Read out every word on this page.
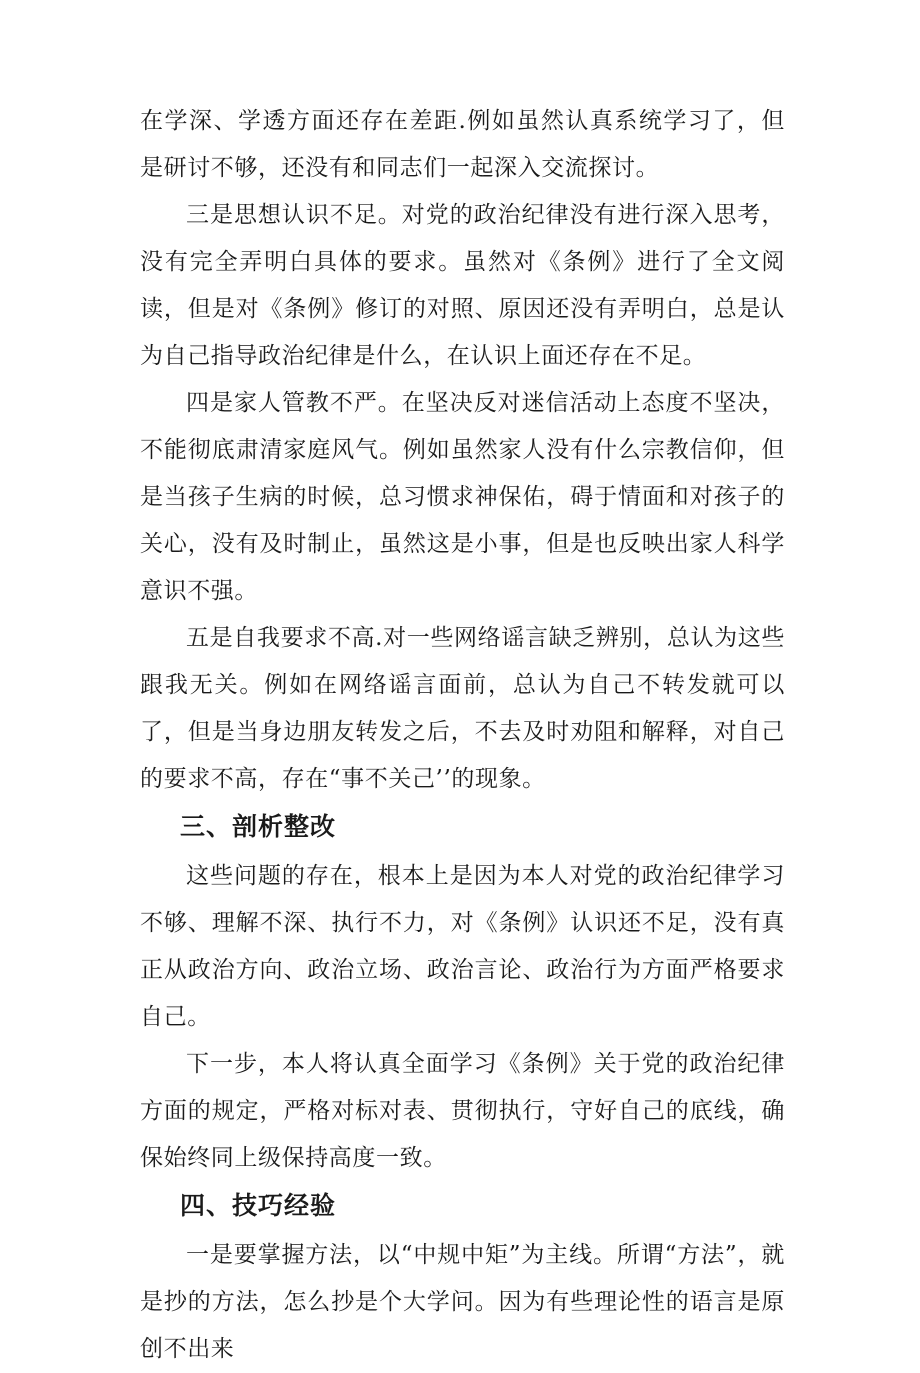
在学深、学透方面还存在差距.例如虽然认真系统学习了，但是研讨不够，还没有和同志们一起深入交流探讨。

三是思想认识不足。对党的政治纪律没有进行深入思考，没有完全弄明白具体的要求。虽然对《条例》进行了全文阅读，但是对《条例》修订的对照、原因还没有弄明白，总是认为自己指导政治纪律是什么，在认识上面还存在不足。

四是家人管教不严。在坚决反对迷信活动上态度不坚决，不能彻底肃清家庭风气。例如虽然家人没有什么宗教信仰，但是当孩子生病的时候，总习惯求神保佑，碍于情面和对孩子的关心，没有及时制止，虽然这是小事，但是也反映出家人科学意识不强。

五是自我要求不高.对一些网络谣言缺乏辨别，总认为这些跟我无关。例如在网络谣言面前，总认为自己不转发就可以了，但是当身边朋友转发之后，不去及时劝阻和解释，对自己的要求不高，存在“事不关己’’的现象。

三、剖析整改

这些问题的存在，根本上是因为本人对党的政治纪律学习不够、理解不深、执行不力，对《条例》认识还不足，没有真正从政治方向、政治立场、政治言论、政治行为方面严格要求自己。

下一步，本人将认真全面学习《条例》关于党的政治纪律方面的规定，严格对标对表、贯彻执行，守好自己的底线，确保始终同上级保持高度一致。

四、技巧经验

一是要掌握方法，以“中规中矩”为主线。所谓“方法”，就是抄的方法，怎么抄是个大学问。因为有些理论性的语言是原创不出来
